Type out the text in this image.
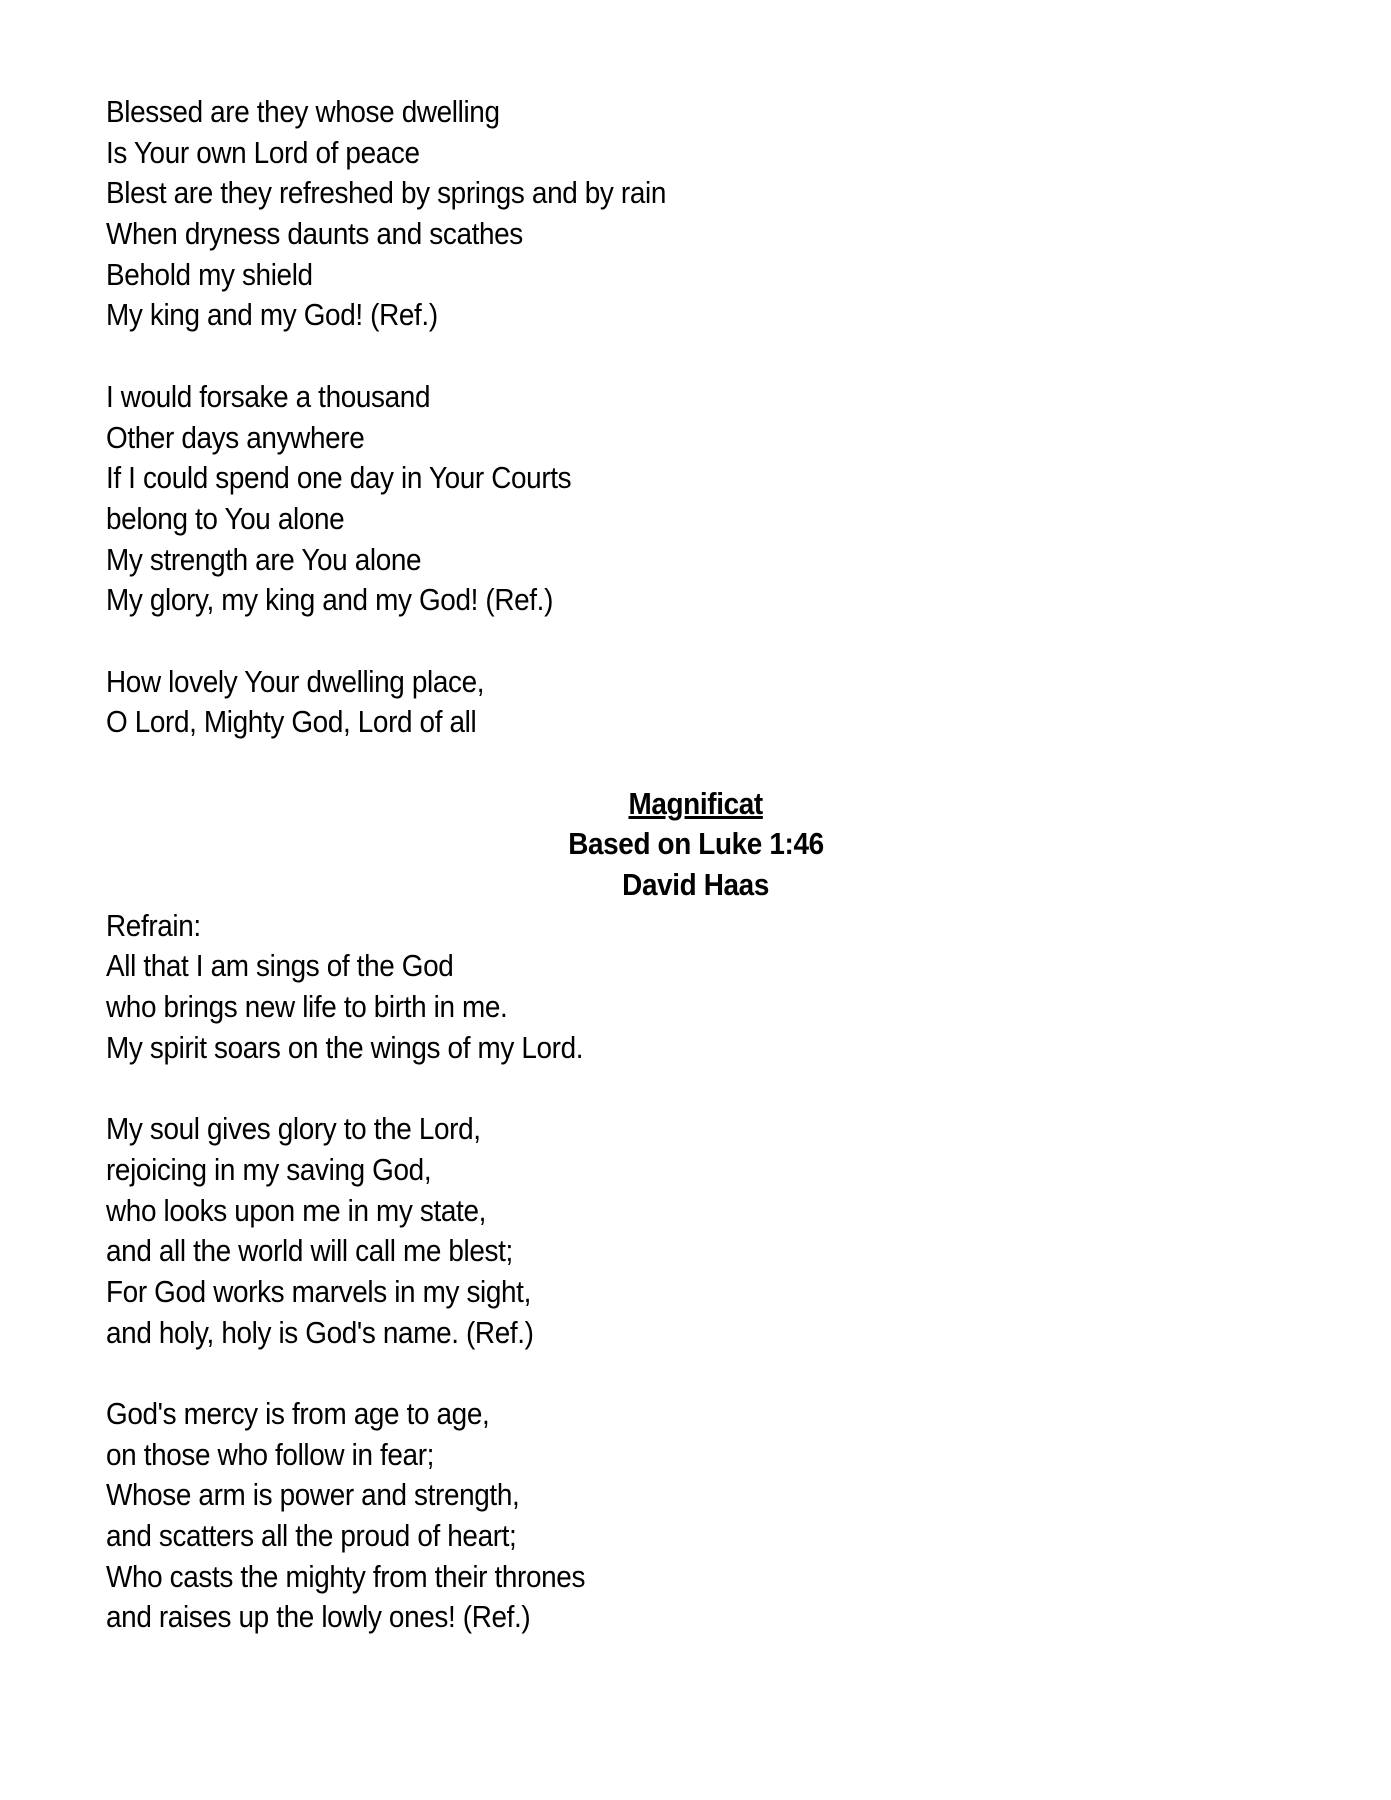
Blessed are they whose dwelling
Is Your own Lord of peace
Blest are they refreshed by springs and by rain
When dryness daunts and scathes
Behold my shield
My king and my God! (Ref.)
I would forsake a thousand
Other days anywhere
If I could spend one day in Your Courts
belong to You alone
My strength are You alone
My glory, my king and my God! (Ref.)
How lovely Your dwelling place,
O Lord, Mighty God, Lord of all
Magnificat
Based on Luke 1:46
David Haas
Refrain:
All that I am sings of the God
who brings new life to birth in me.
My spirit soars on the wings of my Lord.
My soul gives glory to the Lord,
rejoicing in my saving God,
who looks upon me in my state,
and all the world will call me blest;
For God works marvels in my sight,
and holy, holy is God's name. (Ref.)
God's mercy is from age to age,
on those who follow in fear;
Whose arm is power and strength,
and scatters all the proud of heart;
Who casts the mighty from their thrones
and raises up the lowly ones! (Ref.)
